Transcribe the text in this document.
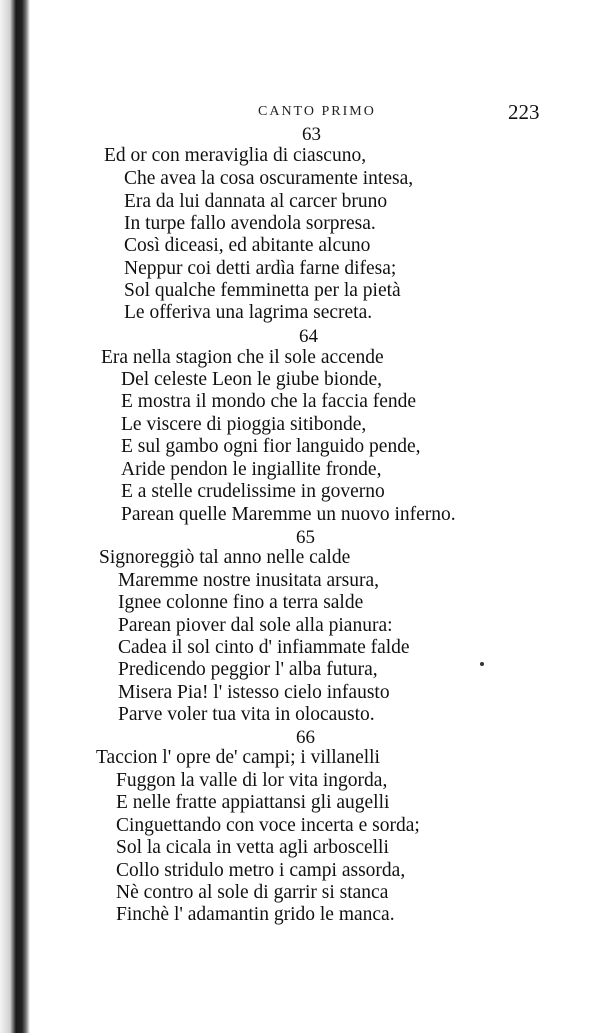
CANTO PRIMO	223
63
Ed or con meraviglia di ciascuno,
Che avea la cosa oscuramente intesa,
Era da lui dannata al carcer bruno
In turpe fallo avendola sorpresa.
Così diceasi, ed abitante alcuno
Neppur coi detti ardìa farne difesa;
Sol qualche femminetta per la pietà
Le offeriva una lagrima secreta.
64
Era nella stagion che il sole accende
Del celeste Leon le giube bionde,
E mostra il mondo che la faccia fende
Le viscere di pioggia sitibonde,
E sul gambo ogni fior languido pende,
Aride pendon le ingiallite fronde,
E a stelle crudelissime in governo
Parean quelle Maremme un nuovo inferno.
65
Signoreggiò tal anno nelle calde
Maremme nostre inusitata arsura,
Ignee colonne fino a terra salde
Parean piover dal sole alla pianura:
Cadea il sol cinto d' infiammate falde
Predicendo peggior l' alba futura,
Misera Pia! l' istesso cielo infausto
Parve voler tua vita in olocausto.
66
Taccion l' opre de' campi; i villanelli
Fuggon la valle di lor vita ingorda,
E nelle fratte appiattansi gli augelli
Cinguettando con voce incerta e sorda;
Sol la cicala in vetta agli arboscelli
Collo stridulo metro i campi assorda,
Nè contro al sole di garrir si stanca
Finchè l' adamantin grido le manca.
